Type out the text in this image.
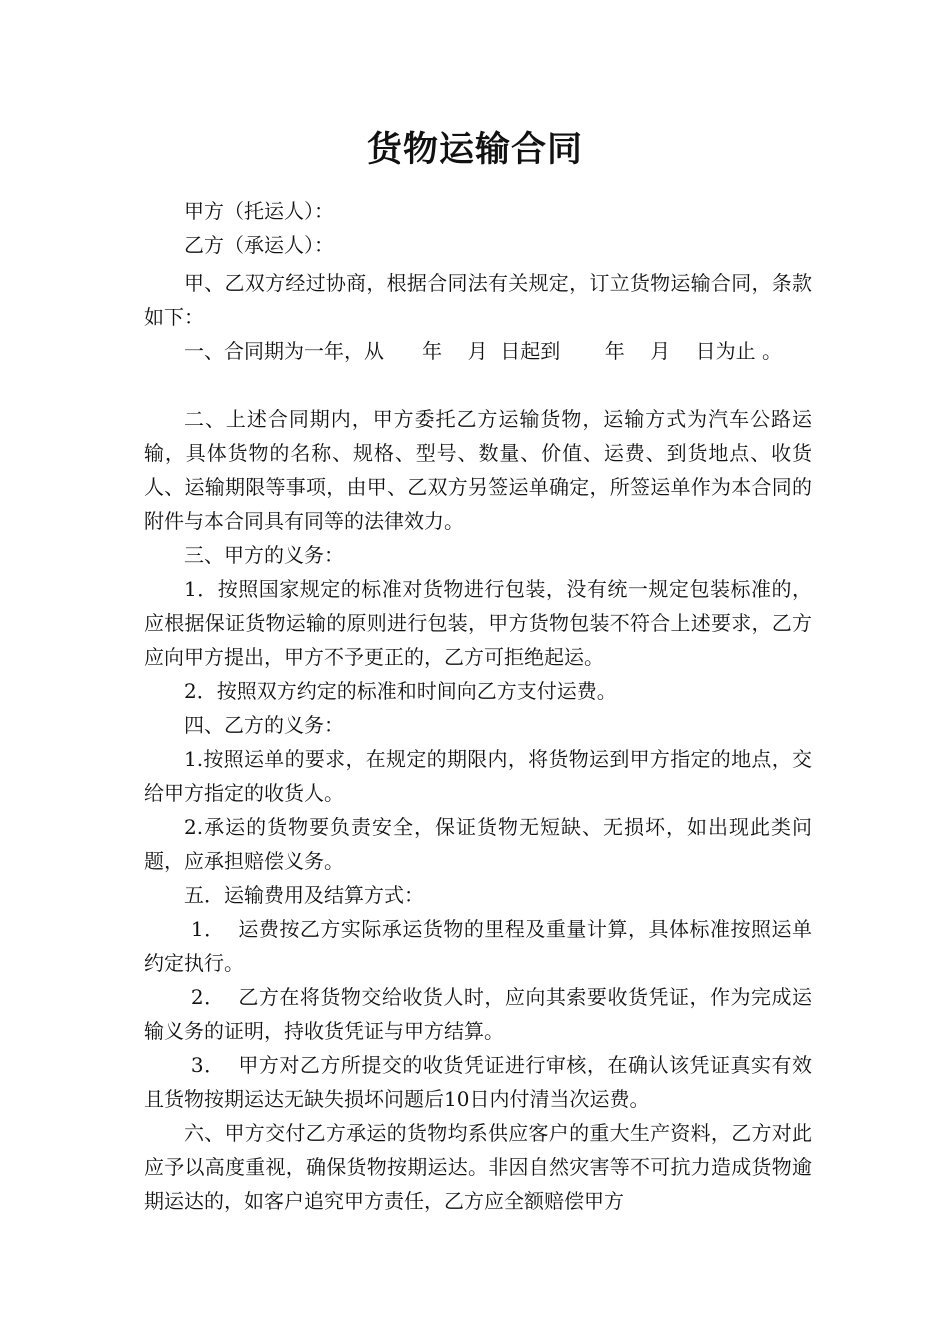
货物运输合同

甲方（托运人）：

乙方（承运人）：

甲、乙双方经过协商，根据合同法有关规定，订立货物运输合同，条款如下：

一、合同期为一年，从      年    月  日起到       年    月    日为止 。

二、上述合同期内，甲方委托乙方运输货物，运输方式为汽车公路运输，具体货物的名称、规格、型号、数量、价值、运费、到货地点、收货人、运输期限等事项，由甲、乙双方另签运单确定，所签运单作为本合同的附件与本合同具有同等的法律效力。

三、甲方的义务：

1．按照国家规定的标准对货物进行包装，没有统一规定包装标准的，应根据保证货物运输的原则进行包装，甲方货物包装不符合上述要求，乙方应向甲方提出，甲方不予更正的，乙方可拒绝起运。

2．按照双方约定的标准和时间向乙方支付运费。

四、乙方的义务：

1.按照运单的要求，在规定的期限内，将货物运到甲方指定的地点，交给甲方指定的收货人。

2.承运的货物要负责安全，保证货物无短缺、无损坏，如出现此类问题，应承担赔偿义务。

五．运输费用及结算方式：

1．  运费按乙方实际承运货物的里程及重量计算，具体标准按照运单约定执行。

2．  乙方在将货物交给收货人时，应向其索要收货凭证，作为完成运输义务的证明，持收货凭证与甲方结算。

3．  甲方对乙方所提交的收货凭证进行审核，在确认该凭证真实有效且货物按期运达无缺失损坏问题后10日内付清当次运费。

六、甲方交付乙方承运的货物均系供应客户的重大生产资料，乙方对此应予以高度重视，确保货物按期运达。非因自然灾害等不可抗力造成货物逾期运达的，如客户追究甲方责任，乙方应全额赔偿甲方
